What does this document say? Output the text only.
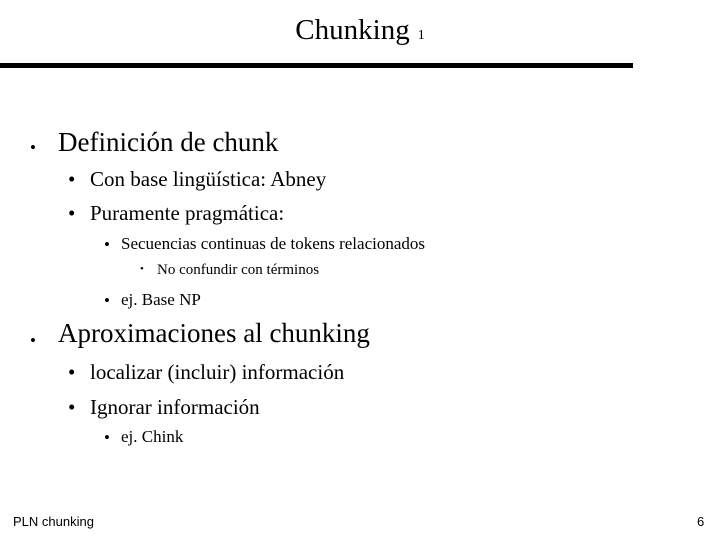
Chunking 1
• Definición de chunk
• Con base lingüística: Abney
• Puramente pragmática:
• Secuencias continuas de tokens relacionados
• No confundir con términos
• ej. Base NP
• Aproximaciones al chunking
• localizar (incluir) información
• Ignorar información
• ej. Chink
PLN chunking	6
